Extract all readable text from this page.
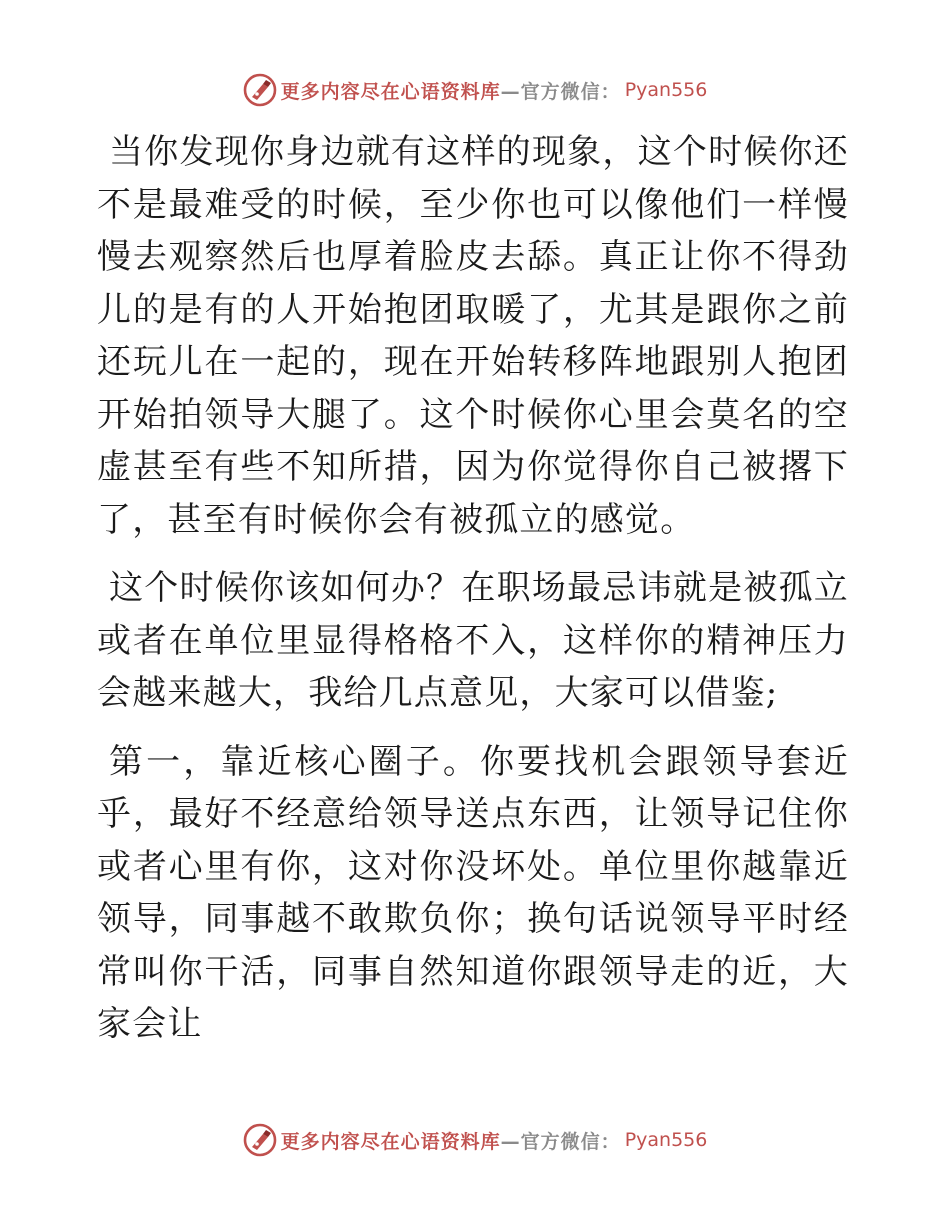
更多内容尽在心语资料库 —官方微信： Pyan556

当你发现你身边就有这样的现象，这个时候你还不是最难受的时候，至少你也可以像他们一样慢慢去观察然后也厚着脸皮去舔。真正让你不得劲儿的是有的人开始抱团取暖了，尤其是跟你之前还玩儿在一起的，现在开始转移阵地跟别人抱团开始拍领导大腿了。这个时候你心里会莫名的空虚甚至有些不知所措，因为你觉得你自己被撂下了，甚至有时候你会有被孤立的感觉。

这个时候你该如何办？在职场最忌讳就是被孤立或者在单位里显得格格不入，这样你的精神压力会越来越大，我给几点意见，大家可以借鉴;

第一，靠近核心圈子。你要找机会跟领导套近乎，最好不经意给领导送点东西，让领导记住你或者心里有你，这对你没坏处。单位里你越靠近领导，同事越不敢欺负你；换句话说领导平时经常叫你干活，同事自然知道你跟领导走的近，大家会让

更多内容尽在心语资料库 —官方微信： Pyan556
